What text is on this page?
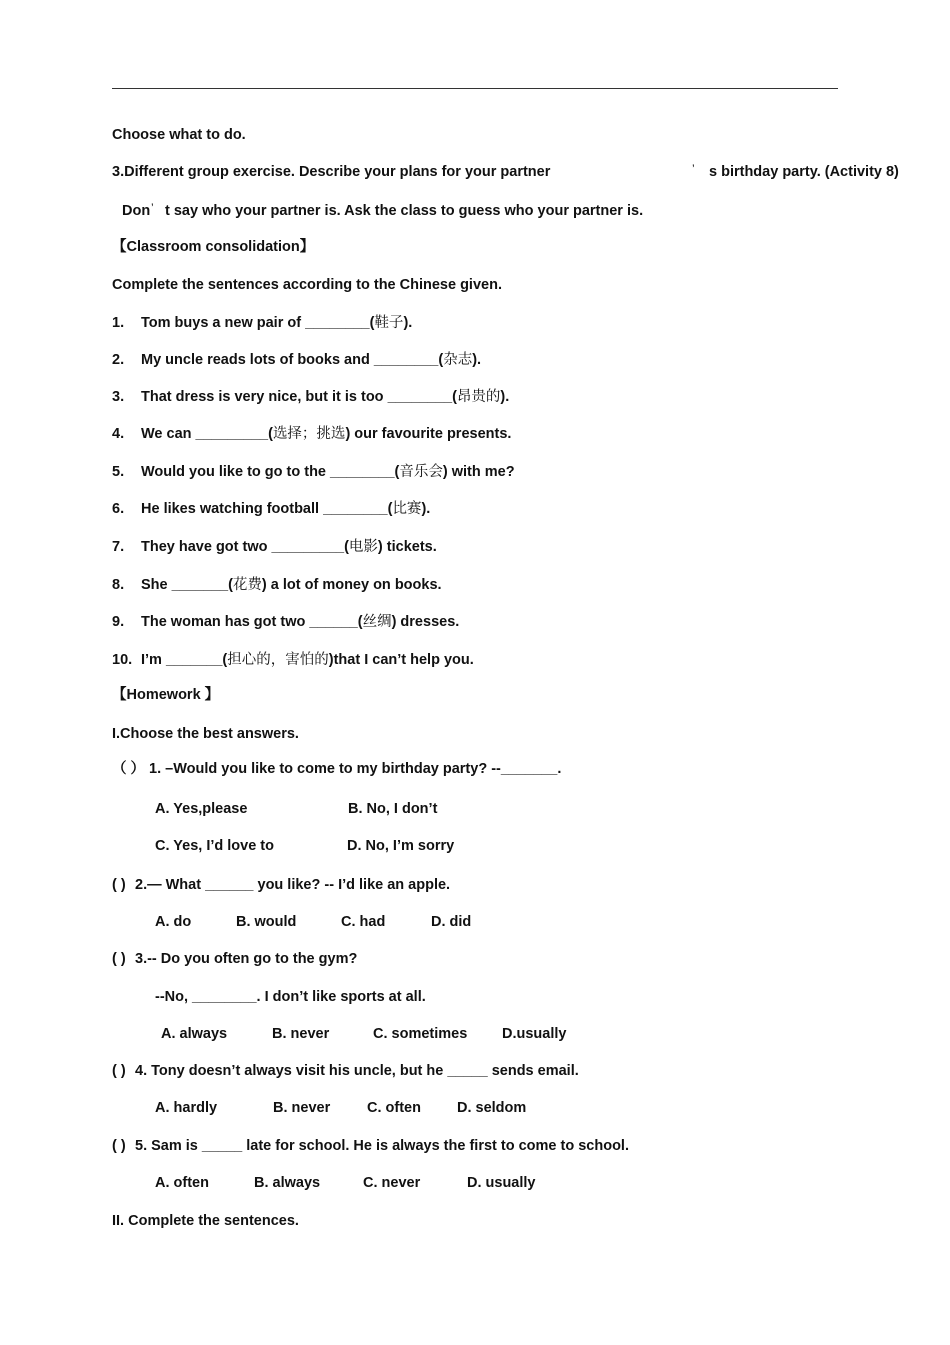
Choose what to do.
3.Different group exercise. Describe your plans for your partner	’ s birthday party. (Activity 8)
Don ’ t say who your partner is. Ask the class to guess who your partner is.
【Classroom consolidation】
Complete the sentences according to the Chinese given.
1. Tom buys a new pair of ________(鞋子).
2. My uncle reads lots of books and ________(杂志).
3. That dress is very nice, but it is too ________(昂贵的).
4. We can _________(选择；挑选) our favourite presents.
5. Would you like to go to the ________(音乐会) with me?
6. He likes watching football ________(比赛).
7. They have got two _________(电影) tickets.
8. She _______(花费) a lot of money on books.
9. The woman has got two ______(丝绸) dresses.
10. I’m _______(担心的，害怕的)that I can’t help you.
【Homework 】
I.Choose the best answers.
（ ） 1. –Would you like to come to my birthday party? --_______.
A. Yes,please	B. No, I don’t
C. Yes, I’d love to	D. No, I’m sorry
( ) 2.— What ______ you like? -- I’d like an apple.
A. do	B. would	C. had	D. did
( ) 3.-- Do you often go to the gym?
--No, ________. I don’t like sports at all.
A. always	B. never	C. sometimes D.usually
( ) 4. Tony doesn’t always visit his uncle, but he _____ sends email.
A. hardly	B. never	C. often D. seldom
( ) 5. Sam is _____ late for school. He is always the first to come to school.
A. often	B. always	C. never	D. usually
II. Complete the sentences.
